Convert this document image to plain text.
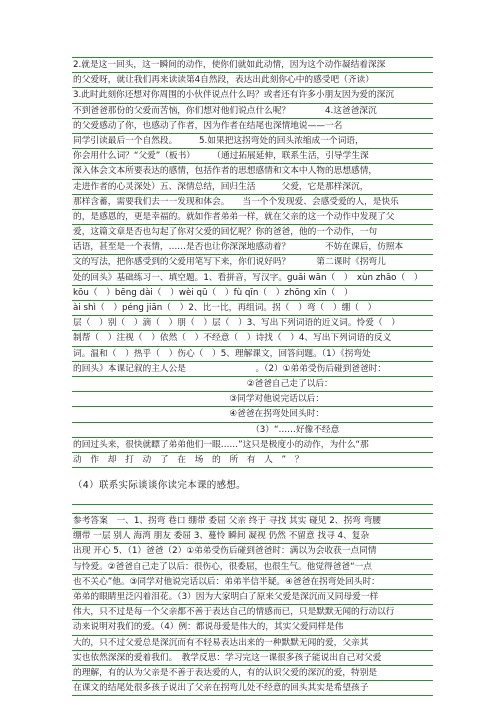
2.就是这一回头，这一瞬间的动作，使你们就如此动情，因为这个动作凝结着深深
的父爱呀，就让我们再来读读第4自然段，表达出此刻你心中的感受吧（齐读）
3.此时此刻你还想对你周围的小伙伴说点什么吗？或者还有许多小朋友因为爱的深沉
不到爸爸那份的父爱而苦恼，你们想对他们说点什么呢？　　　　4.这爸爸深沉
的父爱感动了你，也感动了作者，因为作者在结尾也深情地说——一名
同学引读最后一个自然段。　　　5.如果把这拐弯处的回头浓缩成一个词语，
你会用什么词？“父爱”（板书）　　　（通过拓展延伸，联系生活，引导学生深
深入体会文本所要表达的感情，包括作者的思想感情和文本中人物的思想感情，
走进作者的心灵深处）五、深情总结，回归生活　　　父爱，它是那样深沉，
那样含蓄，需要我们去一一发现和体会。　　当一个个发现爱、会感受爱的人，是快乐
的，是感恩的，更是幸福的。就如作者弟弟一样，就在父亲的这一个动作中发现了父
爱，这篇文章是否也勾起了你对父爱的回忆呢？你的爸爸，他的一个动作，一句
话语，甚至是一个表情，……是否也让你深深地感动着？　　　　不妨在课后，仿照本
文的写法，把你感受到的父爱用笔写下来，你们说好吗？　　　第二课时《拐弯儿
处的回头》基础练习一、填空题。1、看拼音，写汉字。guǎi wān（　）　xùn zhāo（　）
kōu（　）bēng dài（　）wèi qū（　）fù qīn（　）zhōng xīn（　）
ài shì（　）péng jiān（　）2、比一比，再组词。拐（　）弯（　）绷（　）
层（　）别（　）滴（　）朋（　）层（　）3、写出下列词语的近义词。怜爱（　）
制帮（　）注视（　）依然（　）不经意（　）诗找（　）4、写出下列词语的反义
词。温和（　）热乎（　）伤心（　）5、理解课文，回答问题。（1）《拐弯处
的回头》本课记叙的主人公是　　　　　　　　。（2）①弟弟受伤后碰到爸爸时：
　　　　　　　　　　　　　　　　　　　　②爸爸自己走了以后：
　　　　　　　　　　　　　　　　　　③同学对他说完话以后：
　　　　　　　　　　　　　　　　　　④爸爸在拐弯处回头时：
　　　　　　　　　　　　　　　　　　　　　（3）“……好像不经意
的回过头来，很快就瞟了弟弟他们一眼……”这只是极度小的动作，为什么“那
动　作　却　打　动　了　在　场　的　所　有　人　”　？
（4）联系实际谈谈你读完本课的感想。
参考答案　一、1、拐弯 巷口 绷带 委屈 父亲 终于 寻找 其实 碰见 2、拐弯 弯腰
绷带 一层 别人 海湾 朋友 委屈 3、蔓怜 瞬间 凝视 仍然 不留意 找寻 4、复杂
出现 开心 5、（1）爸爸（2）①弟弟受伤后碰到爸爸时：满以为会收获一点同情
与怜爱。②爸爸自己走了以后：很伤心，很委屈，也很生气。他觉得爸爸“一点
也不关心”他。③同学对他说完话以后：弟弟半信半疑。④爸爸在拐弯处回头时：
弟弟的眼睛里泛闪着泪花。（3）因为大家明白了原来父爱是深沉而又同母爱一样
伟大，只不过是每一个父亲都不善于表达自己的情感而已，只是默默无闻的行动以行
动来说明对我们的爱。（4）例：都说母爱是伟大的，其实父爱同样是伟
大的，只不过父爱总是深沉而有不轻易表达出来的一种默默无闻的爱，父亲其
实也依然深深的爱着我们。　教学反思：学习完这一课很多孩子能说出自己对父爱
的理解，有的认为父亲是不善于表达爱的人，有的认识父爱的深沉的爱，特别是
在课文的结尾处很多孩子说出了父亲在拐弯儿处不经意的回头其实是希望孩子
